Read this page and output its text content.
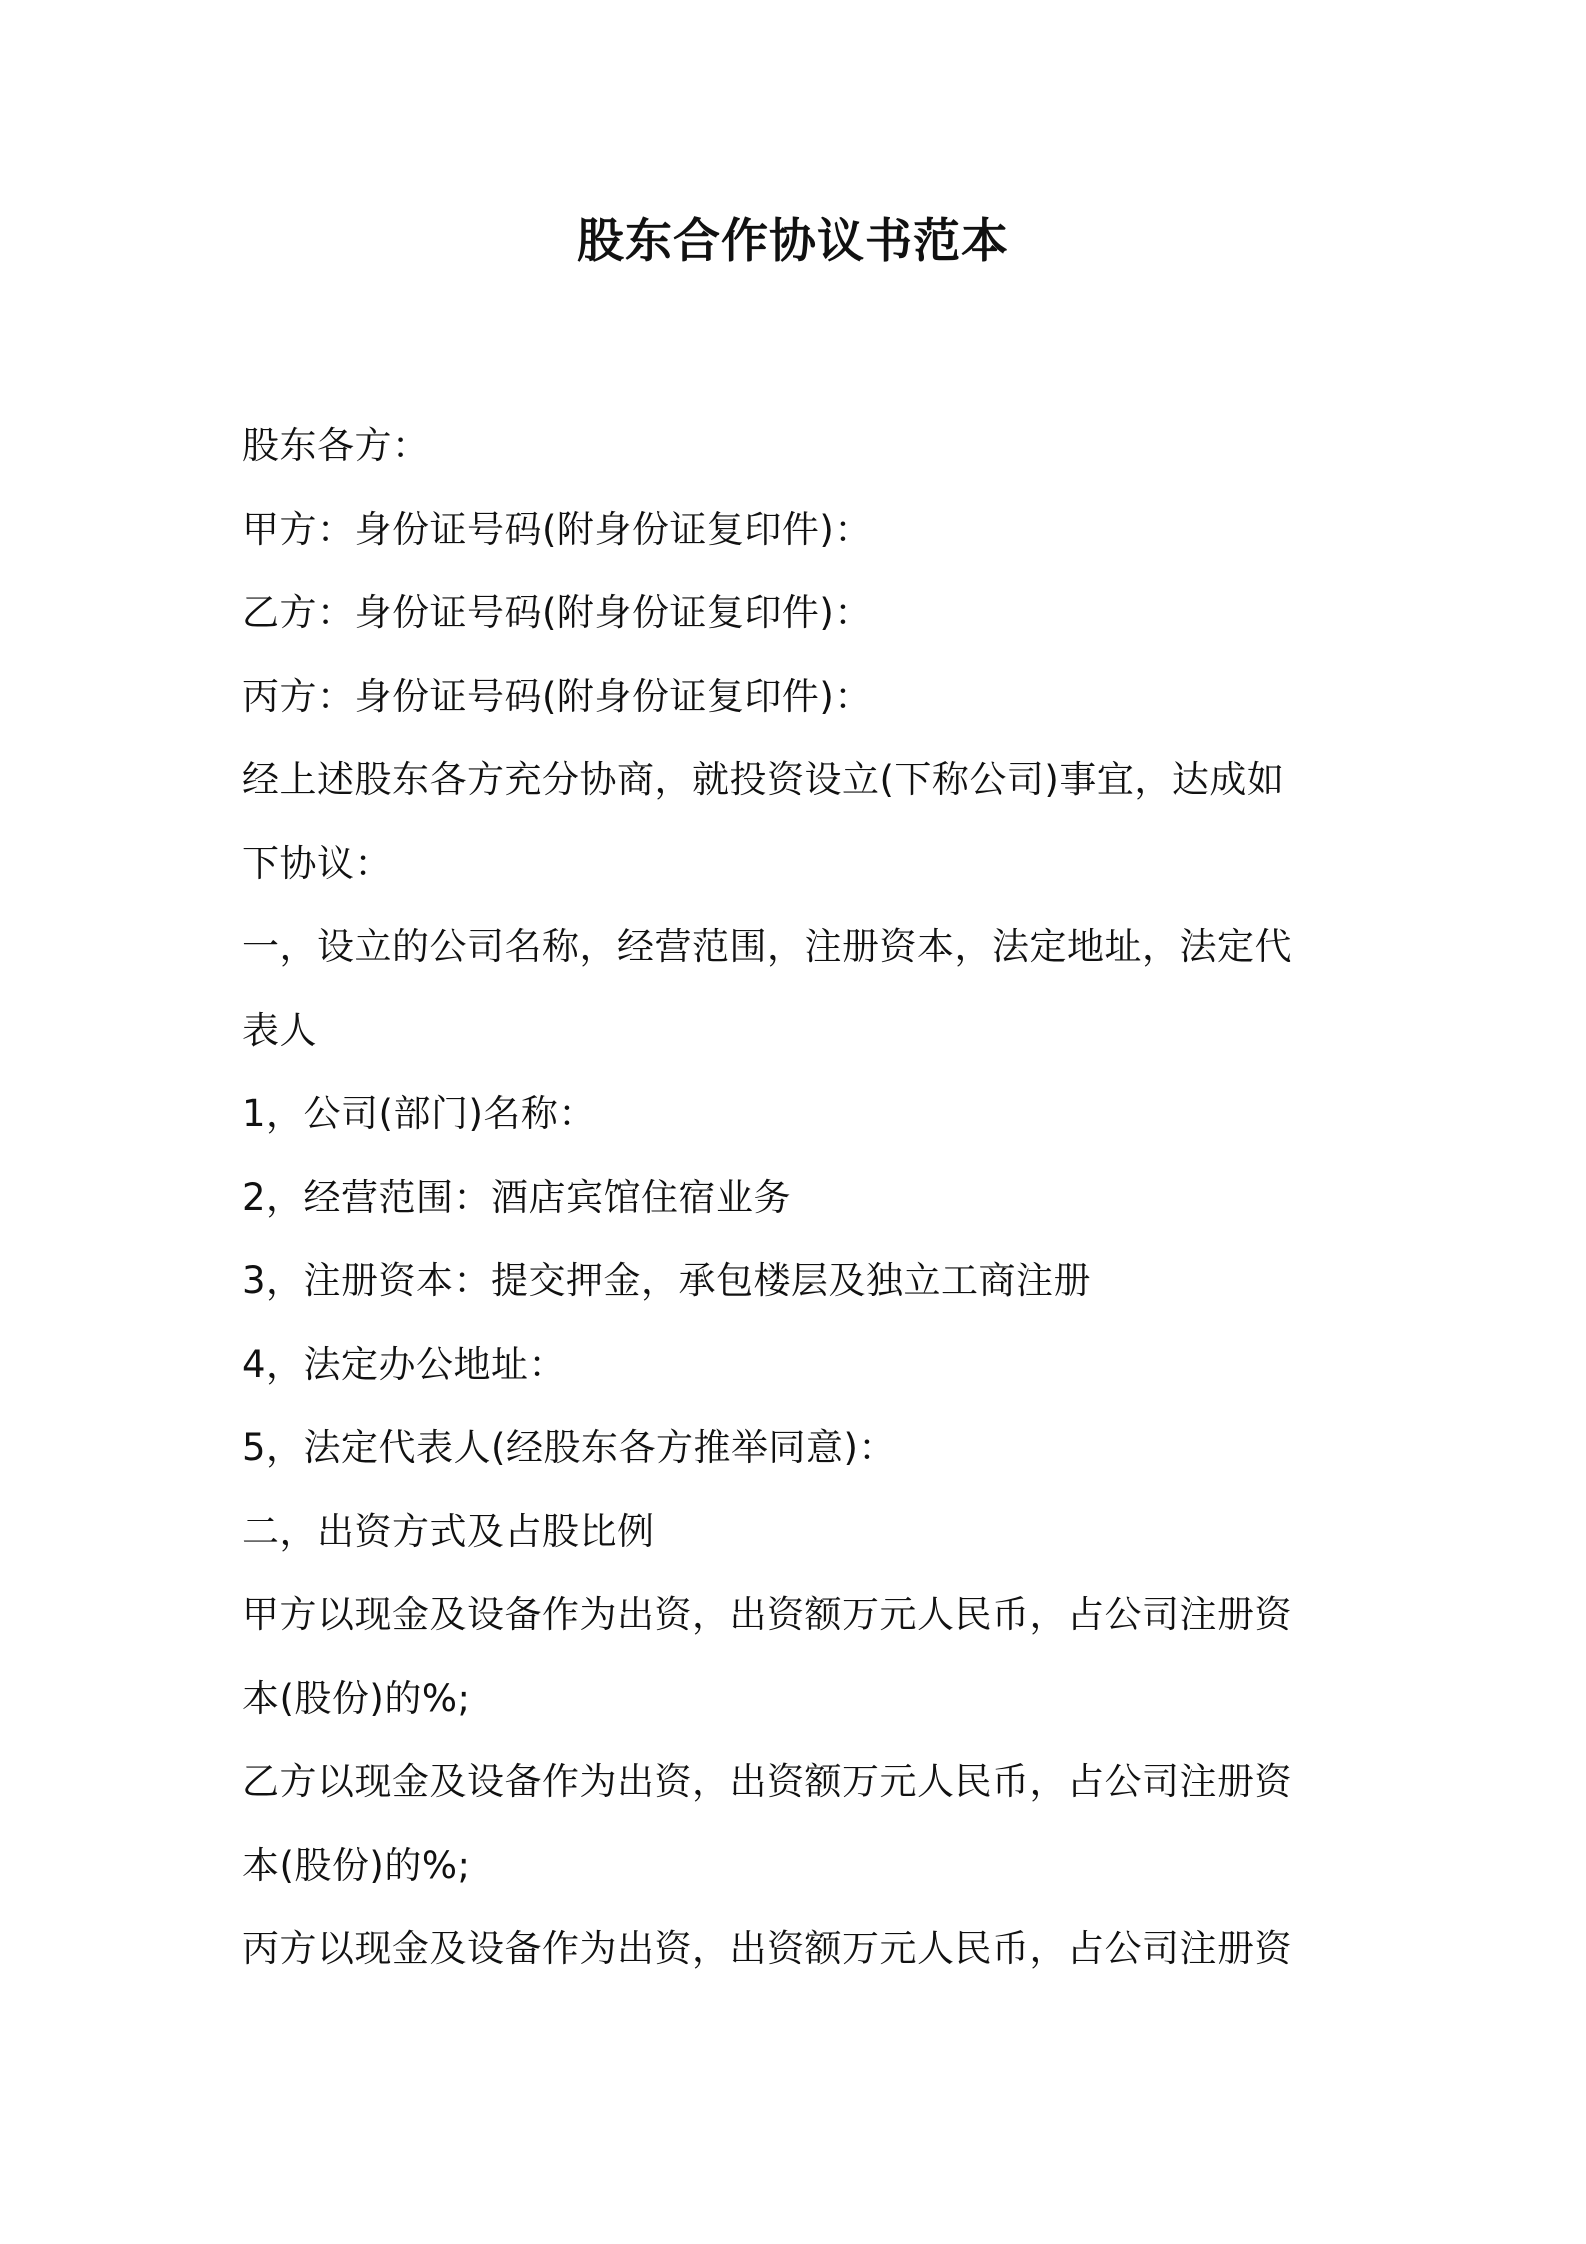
股东合作协议书范本
股东各方：
甲方：身份证号码(附身份证复印件)：
乙方：身份证号码(附身份证复印件)：
丙方：身份证号码(附身份证复印件)：
经上述股东各方充分协商，就投资设立(下称公司)事宜，达成如
下协议：
一，设立的公司名称，经营范围，注册资本，法定地址，法定代
表人
1，公司(部门)名称：
2，经营范围：酒店宾馆住宿业务
3，注册资本：提交押金，承包楼层及独立工商注册
4，法定办公地址：
5，法定代表人(经股东各方推举同意)：
二，出资方式及占股比例
甲方以现金及设备作为出资，出资额万元人民币，占公司注册资
本(股份)的%;
乙方以现金及设备作为出资，出资额万元人民币，占公司注册资
本(股份)的%;
丙方以现金及设备作为出资，出资额万元人民币，占公司注册资
